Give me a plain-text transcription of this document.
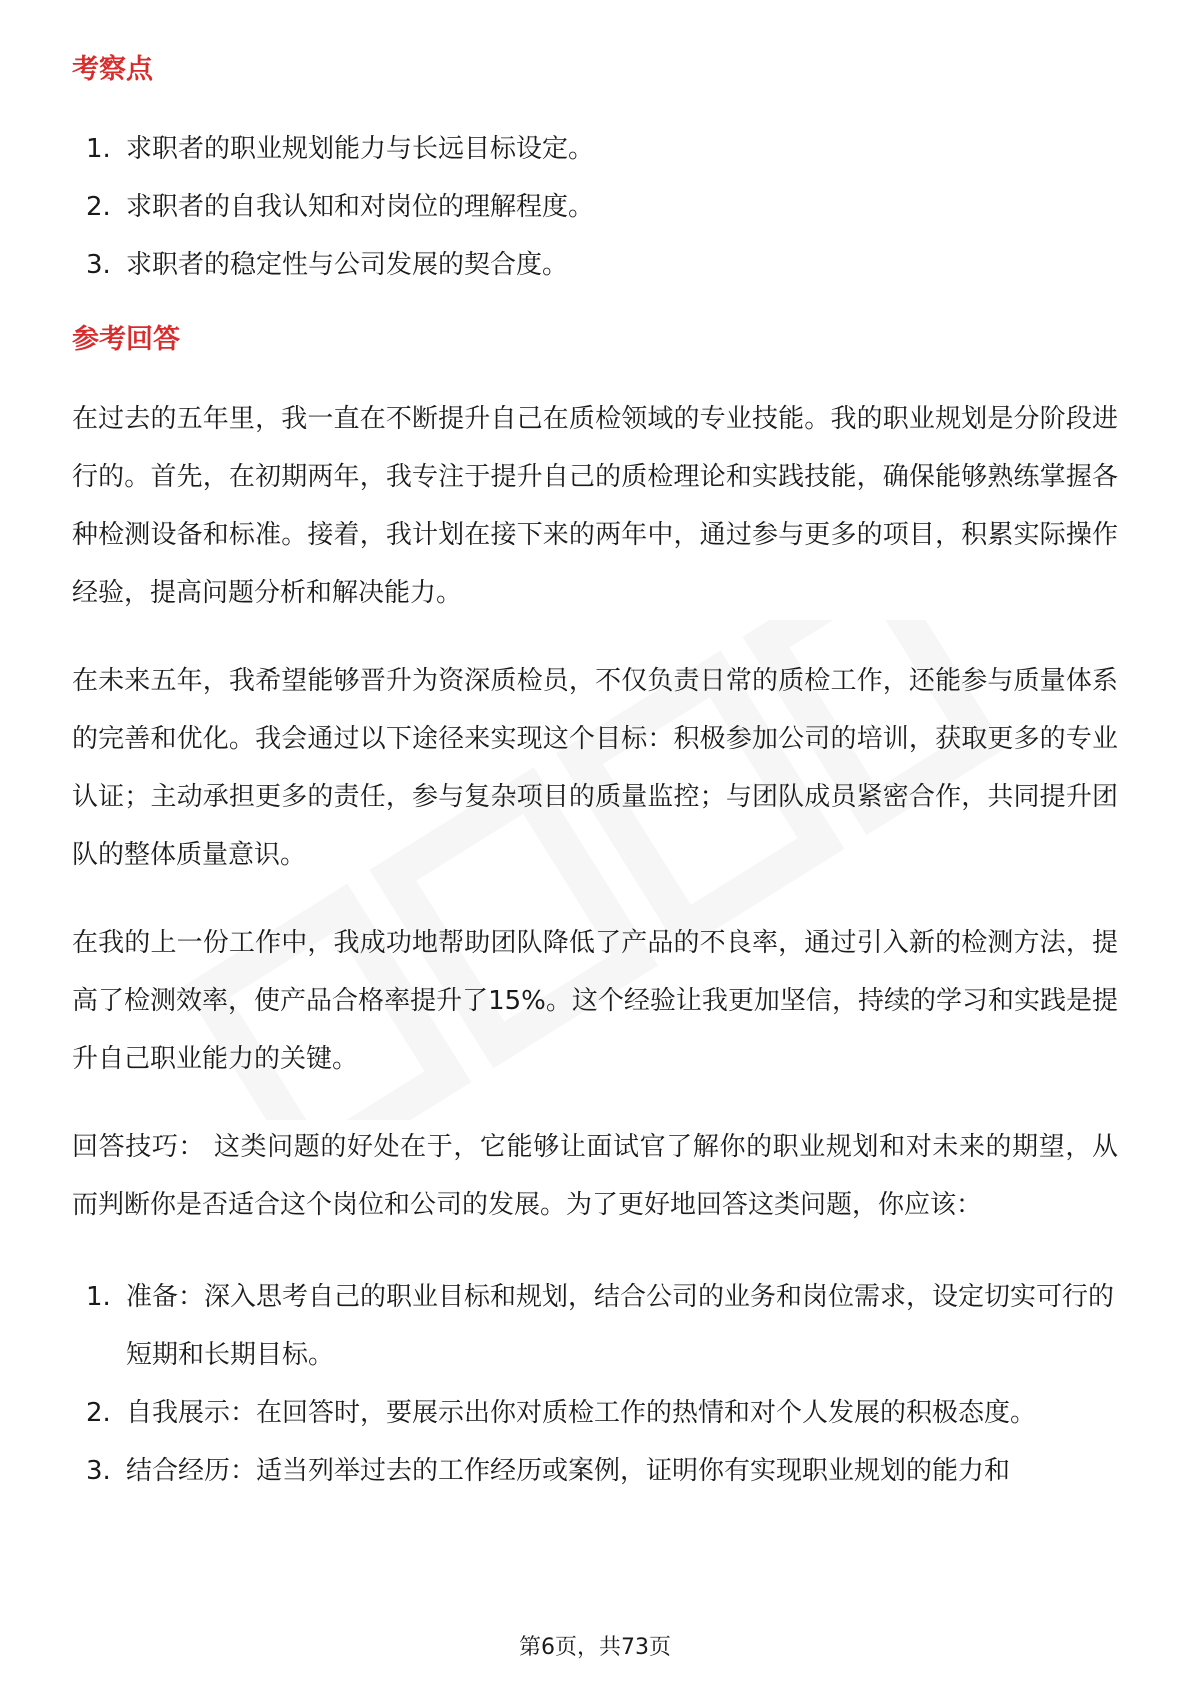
考察点
1. 求职者的职业规划能力与长远目标设定。
2. 求职者的自我认知和对岗位的理解程度。
3. 求职者的稳定性与公司发展的契合度。
参考回答

在过去的五年里，我一直在不断提升自己在质检领域的专业技能。我的职业规划是分阶段进行的。首先，在初期两年，我专注于提升自己的质检理论和实践技能，确保能够熟练掌握各种检测设备和标准。接着，我计划在接下来的两年中，通过参与更多的项目，积累实际操作经验，提高问题分析和解决能力。

在未来五年，我希望能够晋升为资深质检员，不仅负责日常的质检工作，还能参与质量体系的完善和优化。我会通过以下途径来实现这个目标：积极参加公司的培训，获取更多的专业认证；主动承担更多的责任，参与复杂项目的质量监控；与团队成员紧密合作，共同提升团队的整体质量意识。

在我的上一份工作中，我成功地帮助团队降低了产品的不良率，通过引入新的检测方法，提高了检测效率，使产品合格率提升了15%。这个经验让我更加坚信，持续的学习和实践是提升自己职业能力的关键。

回答技巧： 这类问题的好处在于，它能够让面试官了解你的职业规划和对未来的期望，从而判断你是否适合这个岗位和公司的发展。为了更好地回答这类问题，你应该：

1. 准备：深入思考自己的职业目标和规划，结合公司的业务和岗位需求，设定切实可行的短期和长期目标。
2. 自我展示：在回答时，要展示出你对质检工作的热情和对个人发展的积极态度。
3. 结合经历：适当列举过去的工作经历或案例，证明你有实现职业规划的能力和
第6页，共73页
